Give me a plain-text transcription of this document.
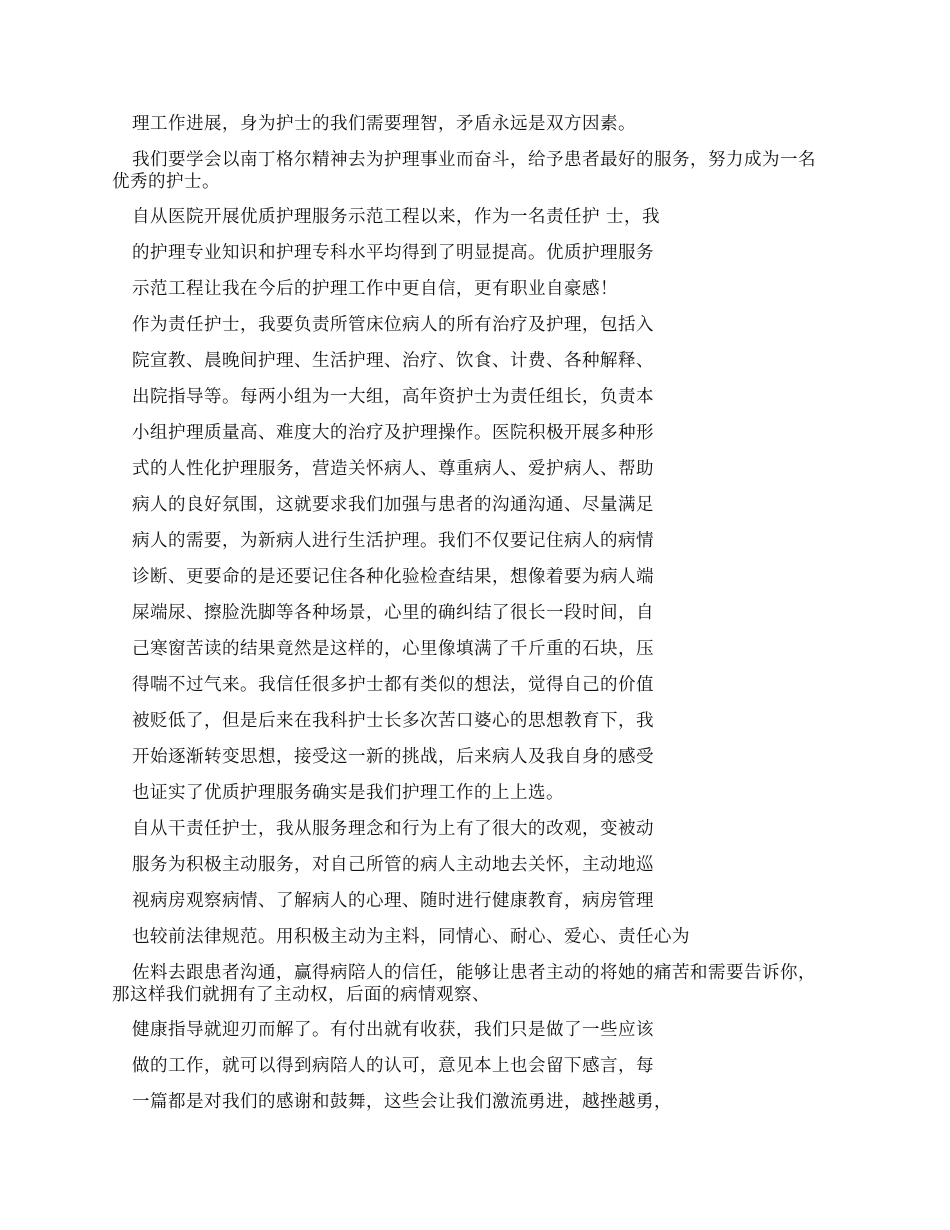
理工作进展，身为护士的我们需要理智，矛盾永远是双方因素。
我们要学会以南丁格尔精神去为护理事业而奋斗，给予患者最好的服务，努力成为一名
优秀的护士。
自从医院开展优质护理服务示范工程以来，作为一名责任护 士，我
的护理专业知识和护理专科水平均得到了明显提高。优质护理服务
示范工程让我在今后的护理工作中更自信，更有职业自豪感！
作为责任护士，我要负责所管床位病人的所有治疗及护理，包括入
院宣教、晨晚间护理、生活护理、治疗、饮食、计费、各种解释、
出院指导等。每两小组为一大组，高年资护士为责任组长，负责本
小组护理质量高、难度大的治疗及护理操作。医院积极开展多种形
式的人性化护理服务，营造关怀病人、尊重病人、爱护病人、帮助
病人的良好氛围，这就要求我们加强与患者的沟通沟通、尽量满足
病人的需要，为新病人进行生活护理。我们不仅要记住病人的病情
诊断、更要命的是还要记住各种化验检查结果，想像着要为病人端
屎端尿、擦脸洗脚等各种场景，心里的确纠结了很长一段时间，自
己寒窗苦读的结果竟然是这样的，心里像填满了千斤重的石块，压
得喘不过气来。我信任很多护士都有类似的想法，觉得自己的价值
被贬低了，但是后来在我科护士长多次苦口婆心的思想教育下，我
开始逐渐转变思想，接受这一新的挑战，后来病人及我自身的感受
也证实了优质护理服务确实是我们护理工作的上上选。
自从干责任护士，我从服务理念和行为上有了很大的改观，变被动
服务为积极主动服务，对自己所管的病人主动地去关怀，主动地巡
视病房观察病情、了解病人的心理、随时进行健康教育，病房管理
也较前法律规范。用积极主动为主料，同情心、耐心、爱心、责任心为
佐料去跟患者沟通，赢得病陪人的信任，能够让患者主动的将她的痛苦和需要告诉你，
那这样我们就拥有了主动权，后面的病情观察、
健康指导就迎刃而解了。有付出就有收获，我们只是做了一些应该
做的工作，就可以得到病陪人的认可，意见本上也会留下感言，每
一篇都是对我们的感谢和鼓舞，这些会让我们激流勇进，越挫越勇，
